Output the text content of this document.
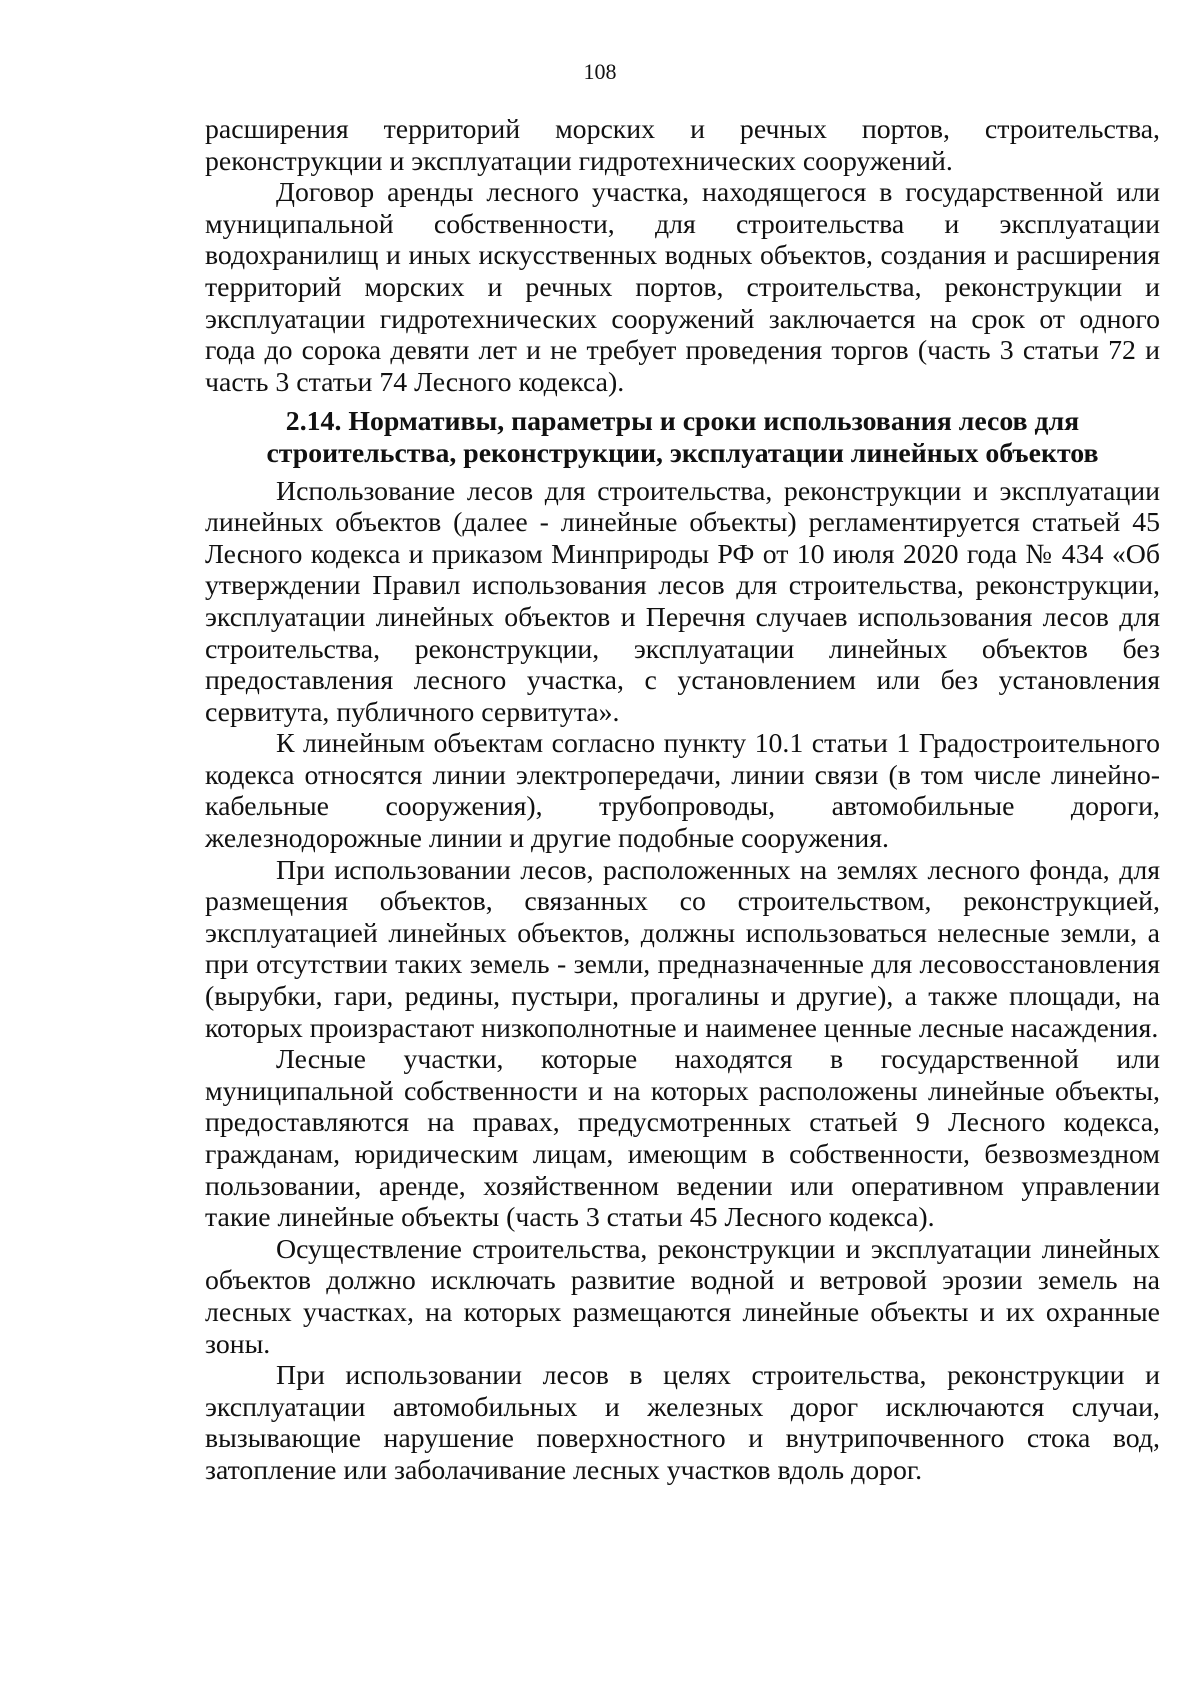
108

расширения территорий морских и речных портов, строительства, реконструкции и эксплуатации гидротехнических сооружений.

Договор аренды лесного участка, находящегося в государственной или муниципальной собственности, для строительства и эксплуатации водохранилищ и иных искусственных водных объектов, создания и расширения территорий морских и речных портов, строительства, реконструкции и эксплуатации гидротехнических сооружений заключается на срок от одного года до сорока девяти лет и не требует проведения торгов (часть 3 статьи 72 и часть 3 статьи 74 Лесного кодекса).

2.14. Нормативы, параметры и сроки использования лесов для
строительства, реконструкции, эксплуатации линейных объектов

Использование лесов для строительства, реконструкции и эксплуатации линейных объектов (далее - линейные объекты) регламентируется статьей 45 Лесного кодекса и приказом Минприроды РФ от 10 июля 2020 года № 434 «Об утверждении Правил использования лесов для строительства, реконструкции, эксплуатации линейных объектов и Перечня случаев использования лесов для строительства, реконструкции, эксплуатации линейных объектов без предоставления лесного участка, с установлением или без установления сервитута, публичного сервитута».

К линейным объектам согласно пункту 10.1 статьи 1 Градостроительного кодекса относятся линии электропередачи, линии связи (в том числе линейно-кабельные сооружения), трубопроводы, автомобильные дороги, железнодорожные линии и другие подобные сооружения.

При использовании лесов, расположенных на землях лесного фонда, для размещения объектов, связанных со строительством, реконструкцией, эксплуатацией линейных объектов, должны использоваться нелесные земли, а при отсутствии таких земель - земли, предназначенные для лесовосстановления (вырубки, гари, редины, пустыри, прогалины и другие), а также площади, на которых произрастают низкополнотные и наименее ценные лесные насаждения.

Лесные участки, которые находятся в государственной или муниципальной собственности и на которых расположены линейные объекты, предоставляются на правах, предусмотренных статьей 9 Лесного кодекса, гражданам, юридическим лицам, имеющим в собственности, безвозмездном пользовании, аренде, хозяйственном ведении или оперативном управлении такие линейные объекты (часть 3 статьи 45 Лесного кодекса).

Осуществление строительства, реконструкции и эксплуатации линейных объектов должно исключать развитие водной и ветровой эрозии земель на лесных участках, на которых размещаются линейные объекты и их охранные зоны.

При использовании лесов в целях строительства, реконструкции и эксплуатации автомобильных и железных дорог исключаются случаи, вызывающие нарушение поверхностного и внутрипочвенного стока вод, затопление или заболачивание лесных участков вдоль дорог.
